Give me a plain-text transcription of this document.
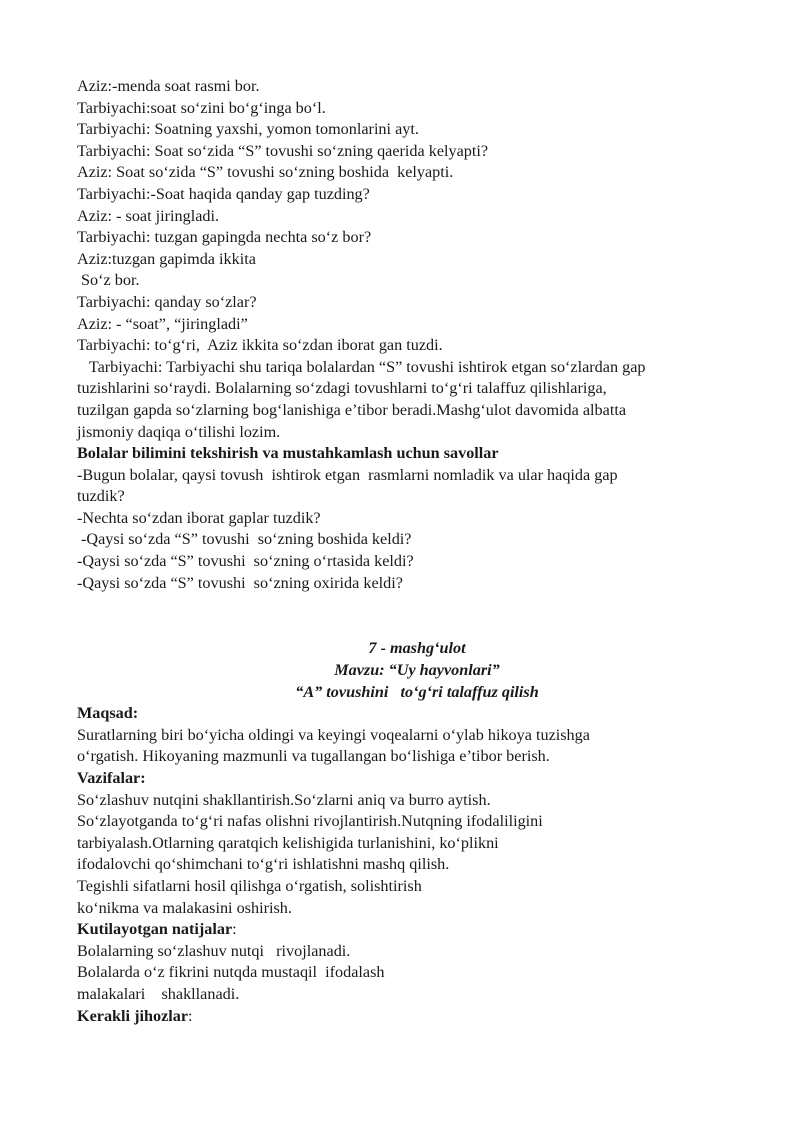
Aziz:-menda soat rasmi bor.
Tarbiyachi:soat so‘zini bo‘g‘inga bo‘l.
Tarbiyachi: Soatning yaxshi, yomon tomonlarini ayt.
Tarbiyachi: Soat so‘zida “S” tovushi so‘zning qaerida kelyapti?
Aziz: Soat so‘zida “S” tovushi so‘zning boshida  kelyapti.
Tarbiyachi:-Soat haqida qanday gap tuzding?
Aziz: - soat jiringladi.
Tarbiyachi: tuzgan gapingda nechta so‘z bor?
Aziz:tuzgan gapimda ikkita
So‘z bor.
Tarbiyachi: qanday so‘zlar?
Aziz: - “soat”, “jiringladi”
Tarbiyachi: to‘g‘ri,  Aziz ikkita so‘zdan iborat gan tuzdi.
Tarbiyachi: Tarbiyachi shu tariqa bolalardan “S” tovushi ishtirok etgan so‘zlardan gap
tuzishlarini so‘raydi. Bolalarning so‘zdagi tovushlarni to‘g‘ri talaffuz qilishlariga,
tuzilgan gapda so‘zlarning bog‘lanishiga e’tibor beradi.Mashg‘ulot davomida albatta
jismoniy daqiqa o‘tilishi lozim.
Bolalar bilimini tekshirish va mustahkamlash uchun savollar
-Bugun bolalar, qaysi tovush  ishtirok etgan  rasmlarni nomladik va ular haqida gap
tuzdik?
-Nechta so‘zdan iborat gaplar tuzdik?
-Qaysi so‘zda “S” tovushi  so‘zning boshida keldi?
-Qaysi so‘zda “S” tovushi  so‘zning o‘rtasida keldi?
-Qaysi so‘zda “S” tovushi  so‘zning oxirida keldi?
7 - mashg‘ulot
Mavzu: “Uy hayvonlari”
“A” tovushini   to‘g‘ri talaffuz qilish
Maqsad:
Suratlarning biri bo‘yicha oldingi va keyingi voqealarni o‘ylab hikoya tuzishga
o‘rgatish. Hikoyaning mazmunli va tugallangan bo‘lishiga e’tibor berish.
Vazifalar:
So‘zlashuv nutqini shakllantirish.So‘zlarni aniq va burro aytish.
So‘zlayotganda to‘g‘ri nafas olishni rivojlantirish.Nutqning ifodaliligini
tarbiyalash.Otlarning qaratqich kelishigida turlanishini, ko‘plikni
ifodalovchi qo‘shimchani to‘g‘ri ishlatishni mashq qilish.
Tegishli sifatlarni hosil qilishga o‘rgatish, solishtirish
ko‘nikma va malakasini oshirish.
Kutilayotgan natijalar:
Bolalarning so‘zlashuv nutqi   rivojlanadi.
Bolalarda o‘z fikrini nutqda mustaqil  ifodalash
malakalari    shakllanadi.
Kerakli jihozlar:
